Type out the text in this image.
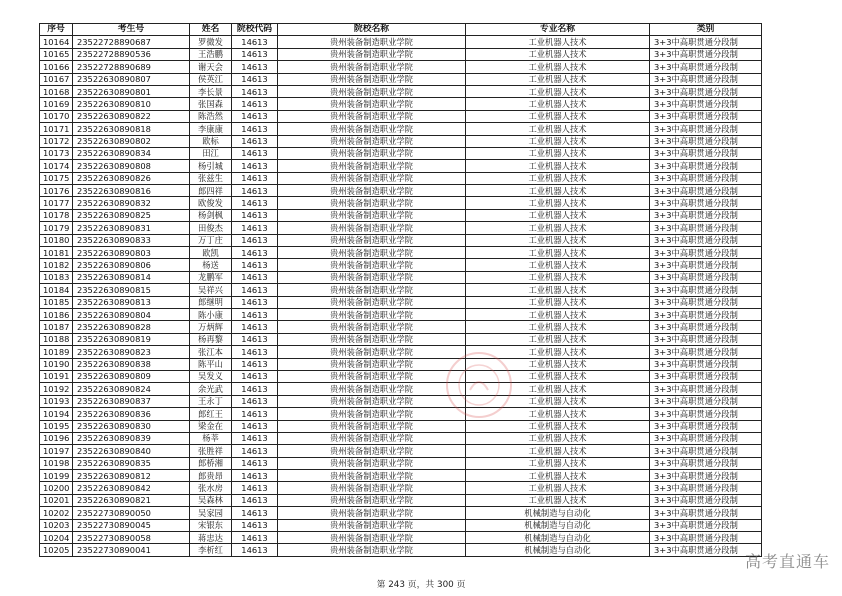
序号	考生号	姓名	院校代码	院校名称	专业名称	类别
10164	23522728890687	罗微发	14613	贵州装备制造职业学院	工业机器人技术	3+3中高职贯通分段制
10165	23522728890536	王浩鹏	14613	贵州装备制造职业学院	工业机器人技术	3+3中高职贯通分段制
10166	23522728890689	谢天会	14613	贵州装备制造职业学院	工业机器人技术	3+3中高职贯通分段制
10167	23522630890807	侯英江	14613	贵州装备制造职业学院	工业机器人技术	3+3中高职贯通分段制
10168	23522630890801	李长景	14613	贵州装备制造职业学院	工业机器人技术	3+3中高职贯通分段制
10169	23522630890810	张国森	14613	贵州装备制造职业学院	工业机器人技术	3+3中高职贯通分段制
10170	23522630890822	陈浩然	14613	贵州装备制造职业学院	工业机器人技术	3+3中高职贯通分段制
10171	23522630890818	李康康	14613	贵州装备制造职业学院	工业机器人技术	3+3中高职贯通分段制
10172	23522630890802	欧标	14613	贵州装备制造职业学院	工业机器人技术	3+3中高职贯通分段制
10173	23522630890834	田江	14613	贵州装备制造职业学院	工业机器人技术	3+3中高职贯通分段制
10174	23522630890808	杨引城	14613	贵州装备制造职业学院	工业机器人技术	3+3中高职贯通分段制
10175	23522630890826	张兹生	14613	贵州装备制造职业学院	工业机器人技术	3+3中高职贯通分段制
10176	23522630890816	郎四祥	14613	贵州装备制造职业学院	工业机器人技术	3+3中高职贯通分段制
10177	23522630890832	欧俊发	14613	贵州装备制造职业学院	工业机器人技术	3+3中高职贯通分段制
10178	23522630890825	杨剑枫	14613	贵州装备制造职业学院	工业机器人技术	3+3中高职贯通分段制
10179	23522630890831	田俊杰	14613	贵州装备制造职业学院	工业机器人技术	3+3中高职贯通分段制
10180	23522630890833	万丁庄	14613	贵州装备制造职业学院	工业机器人技术	3+3中高职贯通分段制
10181	23522630890803	欧凯	14613	贵州装备制造职业学院	工业机器人技术	3+3中高职贯通分段制
10182	23522630890806	杨送	14613	贵州装备制造职业学院	工业机器人技术	3+3中高职贯通分段制
10183	23522630890814	龙鹏军	14613	贵州装备制造职业学院	工业机器人技术	3+3中高职贯通分段制
10184	23522630890815	吴祥兴	14613	贵州装备制造职业学院	工业机器人技术	3+3中高职贯通分段制
10185	23522630890813	郎继明	14613	贵州装备制造职业学院	工业机器人技术	3+3中高职贯通分段制
10186	23522630890804	陈小康	14613	贵州装备制造职业学院	工业机器人技术	3+3中高职贯通分段制
10187	23522630890828	万炳辉	14613	贵州装备制造职业学院	工业机器人技术	3+3中高职贯通分段制
10188	23522630890819	杨再黎	14613	贵州装备制造职业学院	工业机器人技术	3+3中高职贯通分段制
10189	23522630890823	张江本	14613	贵州装备制造职业学院	工业机器人技术	3+3中高职贯通分段制
10190	23522630890838	陈平山	14613	贵州装备制造职业学院	工业机器人技术	3+3中高职贯通分段制
10191	23522630890809	吴发义	14613	贵州装备制造职业学院	工业机器人技术	3+3中高职贯通分段制
10192	23522630890824	余光武	14613	贵州装备制造职业学院	工业机器人技术	3+3中高职贯通分段制
10193	23522630890837	王永丁	14613	贵州装备制造职业学院	工业机器人技术	3+3中高职贯通分段制
10194	23522630890836	郎红王	14613	贵州装备制造职业学院	工业机器人技术	3+3中高职贯通分段制
10195	23522630890830	梁金在	14613	贵州装备制造职业学院	工业机器人技术	3+3中高职贯通分段制
10196	23522630890839	杨莘	14613	贵州装备制造职业学院	工业机器人技术	3+3中高职贯通分段制
10197	23522630890840	张胜祥	14613	贵州装备制造职业学院	工业机器人技术	3+3中高职贯通分段制
10198	23522630890835	郎桥湘	14613	贵州装备制造职业学院	工业机器人技术	3+3中高职贯通分段制
10199	23522630890812	郎贵昂	14613	贵州装备制造职业学院	工业机器人技术	3+3中高职贯通分段制
10200	23522630890842	张水房	14613	贵州装备制造职业学院	工业机器人技术	3+3中高职贯通分段制
10201	23522630890821	吴森林	14613	贵州装备制造职业学院	工业机器人技术	3+3中高职贯通分段制
10202	23522730890050	吴家园	14613	贵州装备制造职业学院	机械制造与自动化	3+3中高职贯通分段制
10203	23522730890045	宋银东	14613	贵州装备制造职业学院	机械制造与自动化	3+3中高职贯通分段制
10204	23522730890058	蒋忠达	14613	贵州装备制造职业学院	机械制造与自动化	3+3中高职贯通分段制
10205	23522730890041	李析红	14613	贵州装备制造职业学院	机械制造与自动化	3+3中高职贯通分段制
第 243 页，共 300 页
高考直通车
